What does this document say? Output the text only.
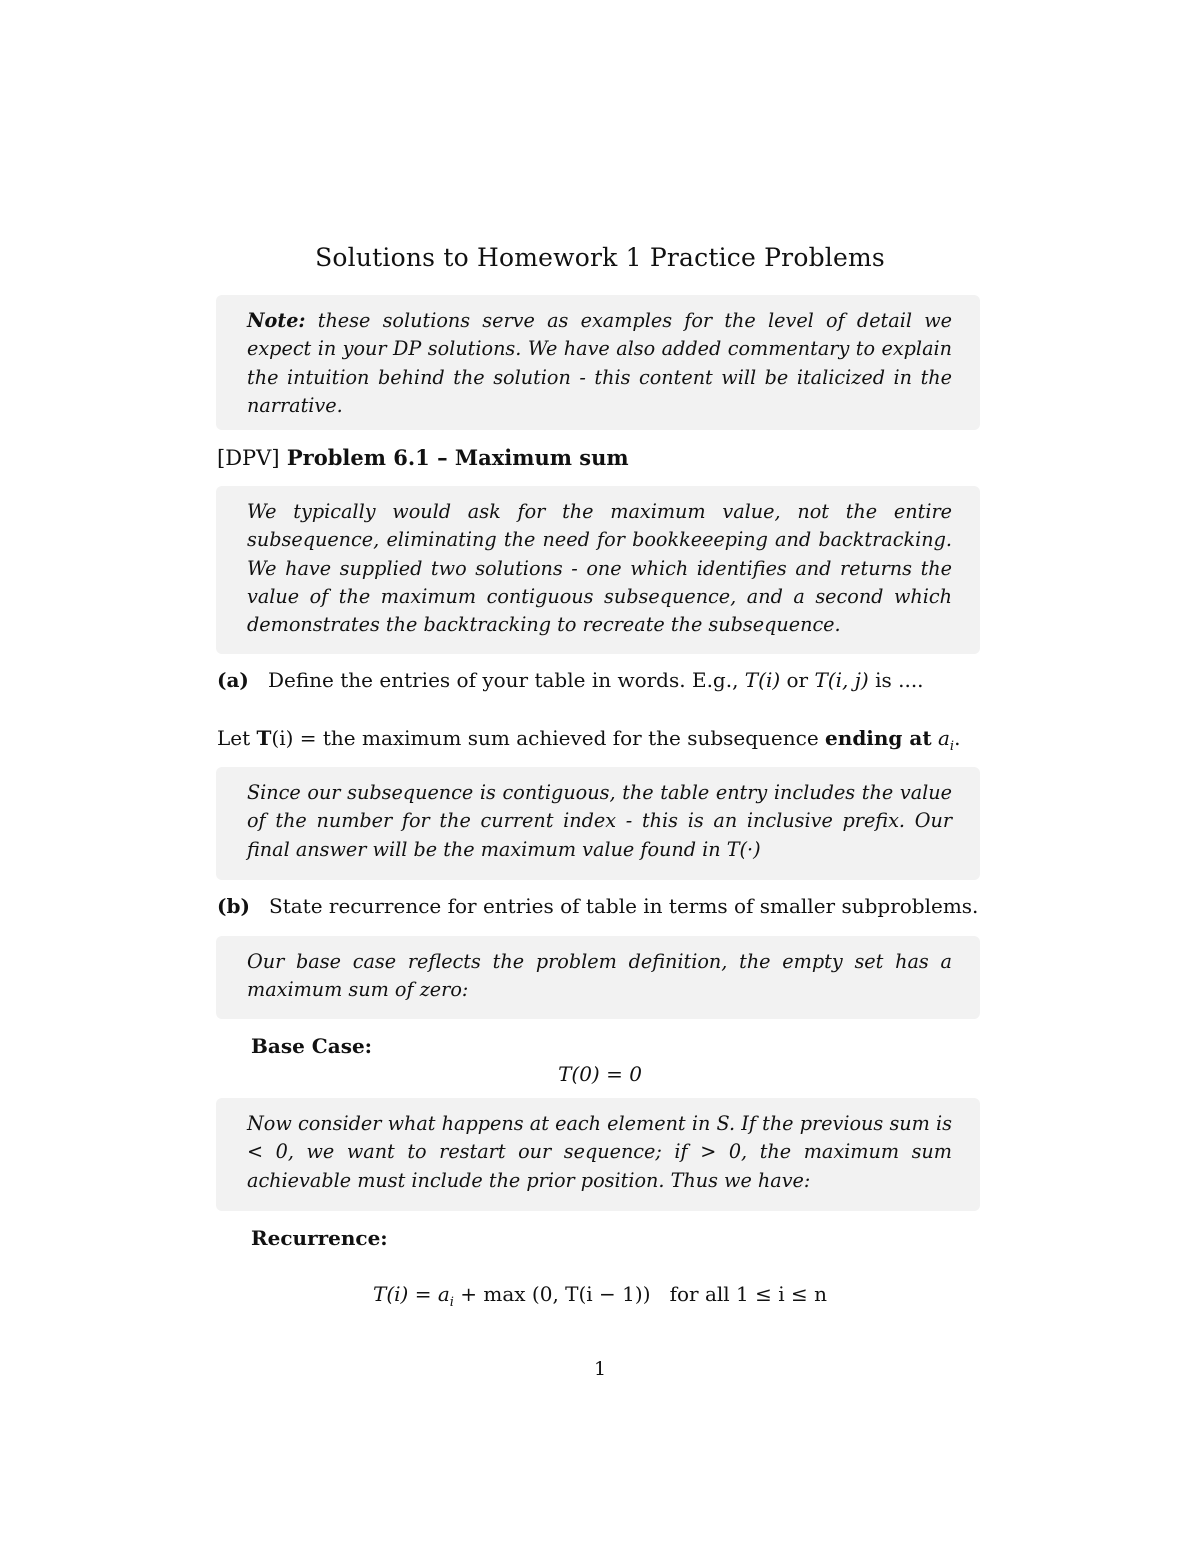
Solutions to Homework 1 Practice Problems
Note: these solutions serve as examples for the level of detail we expect in your DP solutions. We have also added commentary to explain the intuition behind the solution - this content will be italicized in the narrative.
[DPV] Problem 6.1 – Maximum sum
We typically would ask for the maximum value, not the entire subsequence, eliminating the need for bookkeeeping and backtracking. We have supplied two solutions - one which identifies and returns the value of the maximum contiguous subsequence, and a second which demonstrates the backtracking to recreate the subsequence.
(a) Define the entries of your table in words. E.g., T(i) or T(i, j) is ....
Let T(i) = the maximum sum achieved for the subsequence ending at $a_i$.
Since our subsequence is contiguous, the table entry includes the value of the number for the current index - this is an inclusive prefix. Our final answer will be the maximum value found in T(·)
(b) State recurrence for entries of table in terms of smaller subproblems.
Our base case reflects the problem definition, the empty set has a maximum sum of zero:
Base Case:
T(0) = 0
Now consider what happens at each element in S. If the previous sum is < 0, we want to restart our sequence; if > 0, the maximum sum achievable must include the prior position. Thus we have:
Recurrence:
$T(i) = a_i + \max (0$, T(i − 1)) for all 1 ≤ i ≤ n
1
